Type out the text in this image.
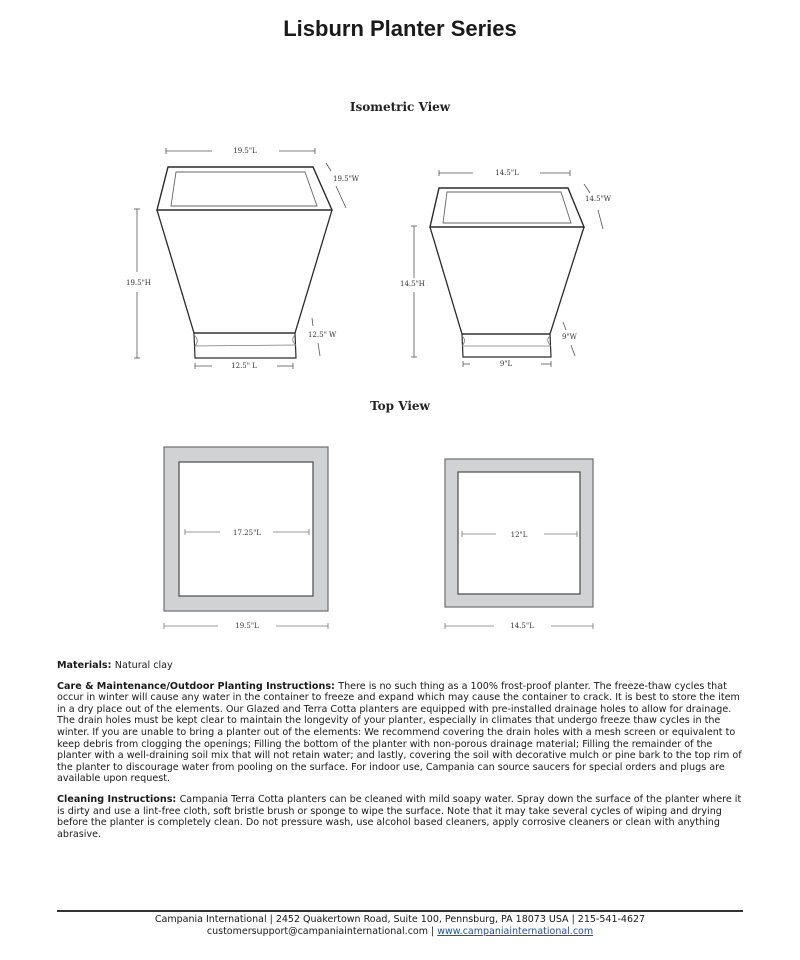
Lisburn Planter Series
Isometric View
19.5"L
19.5"W
19.5"H
12.5" W
12.5" L
14.5"L
14.5"W
14.5"H
9"W
9"L
17.25"L	12"L
19.5"L	14.5"L
Top View

Materials: Natural clay

Care & Maintenance/Outdoor Planting Instructions: There is no such thing as a 100% frost-proof planter. The freeze-thaw cycles that occur in winter will cause any water in the container to freeze and expand which may cause the container to crack. It is best to store the item in a dry place out of the elements. Our Glazed and Terra Cotta planters are equipped with pre-installed drainage holes to allow for drainage. The drain holes must be kept clear to maintain the longevity of your planter, especially in climates that undergo freeze thaw cycles in the winter. If you are unable to bring a planter out of the elements: We recommend covering the drain holes with a mesh screen or equivalent to keep debris from clogging the openings; Filling the bottom of the planter with non-porous drainage material; Filling the remainder of the planter with a well-draining soil mix that will not retain water; and lastly, covering the soil with decorative mulch or pine bark to the top rim of the planter to discourage water from pooling on the surface. For indoor use, Campania can source saucers for special orders and plugs are available upon request.

Cleaning Instructions: Campania Terra Cotta planters can be cleaned with mild soapy water. Spray down the surface of the planter where it is dirty and use a lint-free cloth, soft bristle brush or sponge to wipe the surface. Note that it may take several cycles of wiping and drying before the planter is completely clean. Do not pressure wash, use alcohol based cleaners, apply corrosive cleaners or clean with anything abrasive.

Campania International | 2452 Quakertown Road, Suite 100, Pennsburg, PA 18073 USA | 215-541-4627
customersupport@campaniainternational.com | www.campaniainternational.com
